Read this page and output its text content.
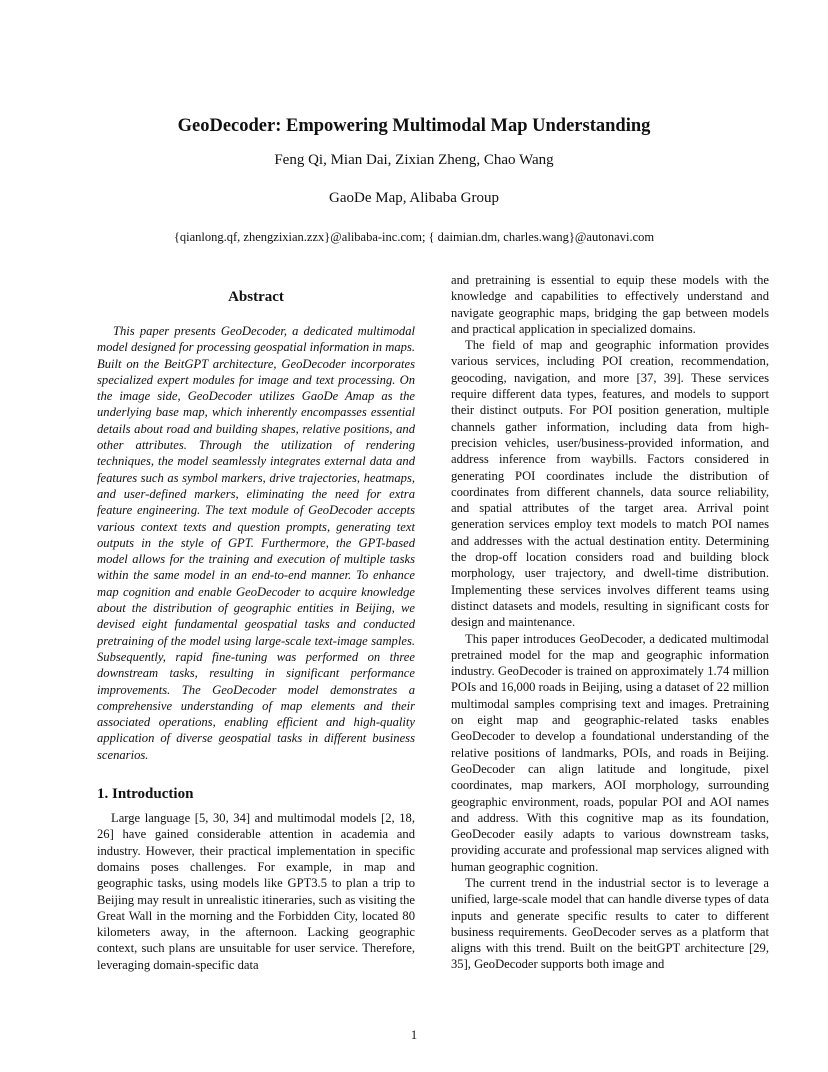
GeoDecoder: Empowering Multimodal Map Understanding
Feng Qi, Mian Dai, Zixian Zheng, Chao Wang
GaoDe Map, Alibaba Group
{qianlong.qf, zhengzixian.zzx}@alibaba-inc.com; { daimian.dm, charles.wang}@autonavi.com
Abstract

This paper presents GeoDecoder, a dedicated multimodal model designed for processing geospatial information in maps. Built on the BeitGPT architecture, GeoDecoder incorporates specialized expert modules for image and text processing. On the image side, GeoDecoder utilizes GaoDe Amap as the underlying base map, which inherently encompasses essential details about road and building shapes, relative positions, and other attributes. Through the utilization of rendering techniques, the model seamlessly integrates external data and features such as symbol markers, drive trajectories, heatmaps, and user-defined markers, eliminating the need for extra feature engineering. The text module of GeoDecoder accepts various context texts and question prompts, generating text outputs in the style of GPT. Furthermore, the GPT-based model allows for the training and execution of multiple tasks within the same model in an end-to-end manner. To enhance map cognition and enable GeoDecoder to acquire knowledge about the distribution of geographic entities in Beijing, we devised eight fundamental geospatial tasks and conducted pretraining of the model using large-scale text-image samples. Subsequently, rapid fine-tuning was performed on three downstream tasks, resulting in significant performance improvements. The GeoDecoder model demonstrates a comprehensive understanding of map elements and their associated operations, enabling efficient and high-quality application of diverse geospatial tasks in different business scenarios.

1. Introduction

Large language [5, 30, 34] and multimodal models [2, 18, 26] have gained considerable attention in academia and industry. However, their practical implementation in specific domains poses challenges. For example, in map and geographic tasks, using models like GPT3.5 to plan a trip to Beijing may result in unrealistic itineraries, such as visiting the Great Wall in the morning and the Forbidden City, located 80 kilometers away, in the afternoon. Lacking geographic context, such plans are unsuitable for user service. Therefore, leveraging domain-specific data

and pretraining is essential to equip these models with the knowledge and capabilities to effectively understand and navigate geographic maps, bridging the gap between models and practical application in specialized domains.

The field of map and geographic information provides various services, including POI creation, recommendation, geocoding, navigation, and more [37, 39]. These services require different data types, features, and models to support their distinct outputs. For POI position generation, multiple channels gather information, including data from high-precision vehicles, user/business-provided information, and address inference from waybills. Factors considered in generating POI coordinates include the distribution of coordinates from different channels, data source reliability, and spatial attributes of the target area. Arrival point generation services employ text models to match POI names and addresses with the actual destination entity. Determining the drop-off location considers road and building block morphology, user trajectory, and dwell-time distribution. Implementing these services involves different teams using distinct datasets and models, resulting in significant costs for design and maintenance.

This paper introduces GeoDecoder, a dedicated multimodal pretrained model for the map and geographic information industry. GeoDecoder is trained on approximately 1.74 million POIs and 16,000 roads in Beijing, using a dataset of 22 million multimodal samples comprising text and images. Pretraining on eight map and geographic-related tasks enables GeoDecoder to develop a foundational understanding of the relative positions of landmarks, POIs, and roads in Beijing. GeoDecoder can align latitude and longitude, pixel coordinates, map markers, AOI morphology, surrounding geographic environment, roads, popular POI and AOI names and address. With this cognitive map as its foundation, GeoDecoder easily adapts to various downstream tasks, providing accurate and professional map services aligned with human geographic cognition.

The current trend in the industrial sector is to leverage a unified, large-scale model that can handle diverse types of data inputs and generate specific results to cater to different business requirements. GeoDecoder serves as a platform that aligns with this trend. Built on the beitGPT architecture [29, 35], GeoDecoder supports both image and

1
